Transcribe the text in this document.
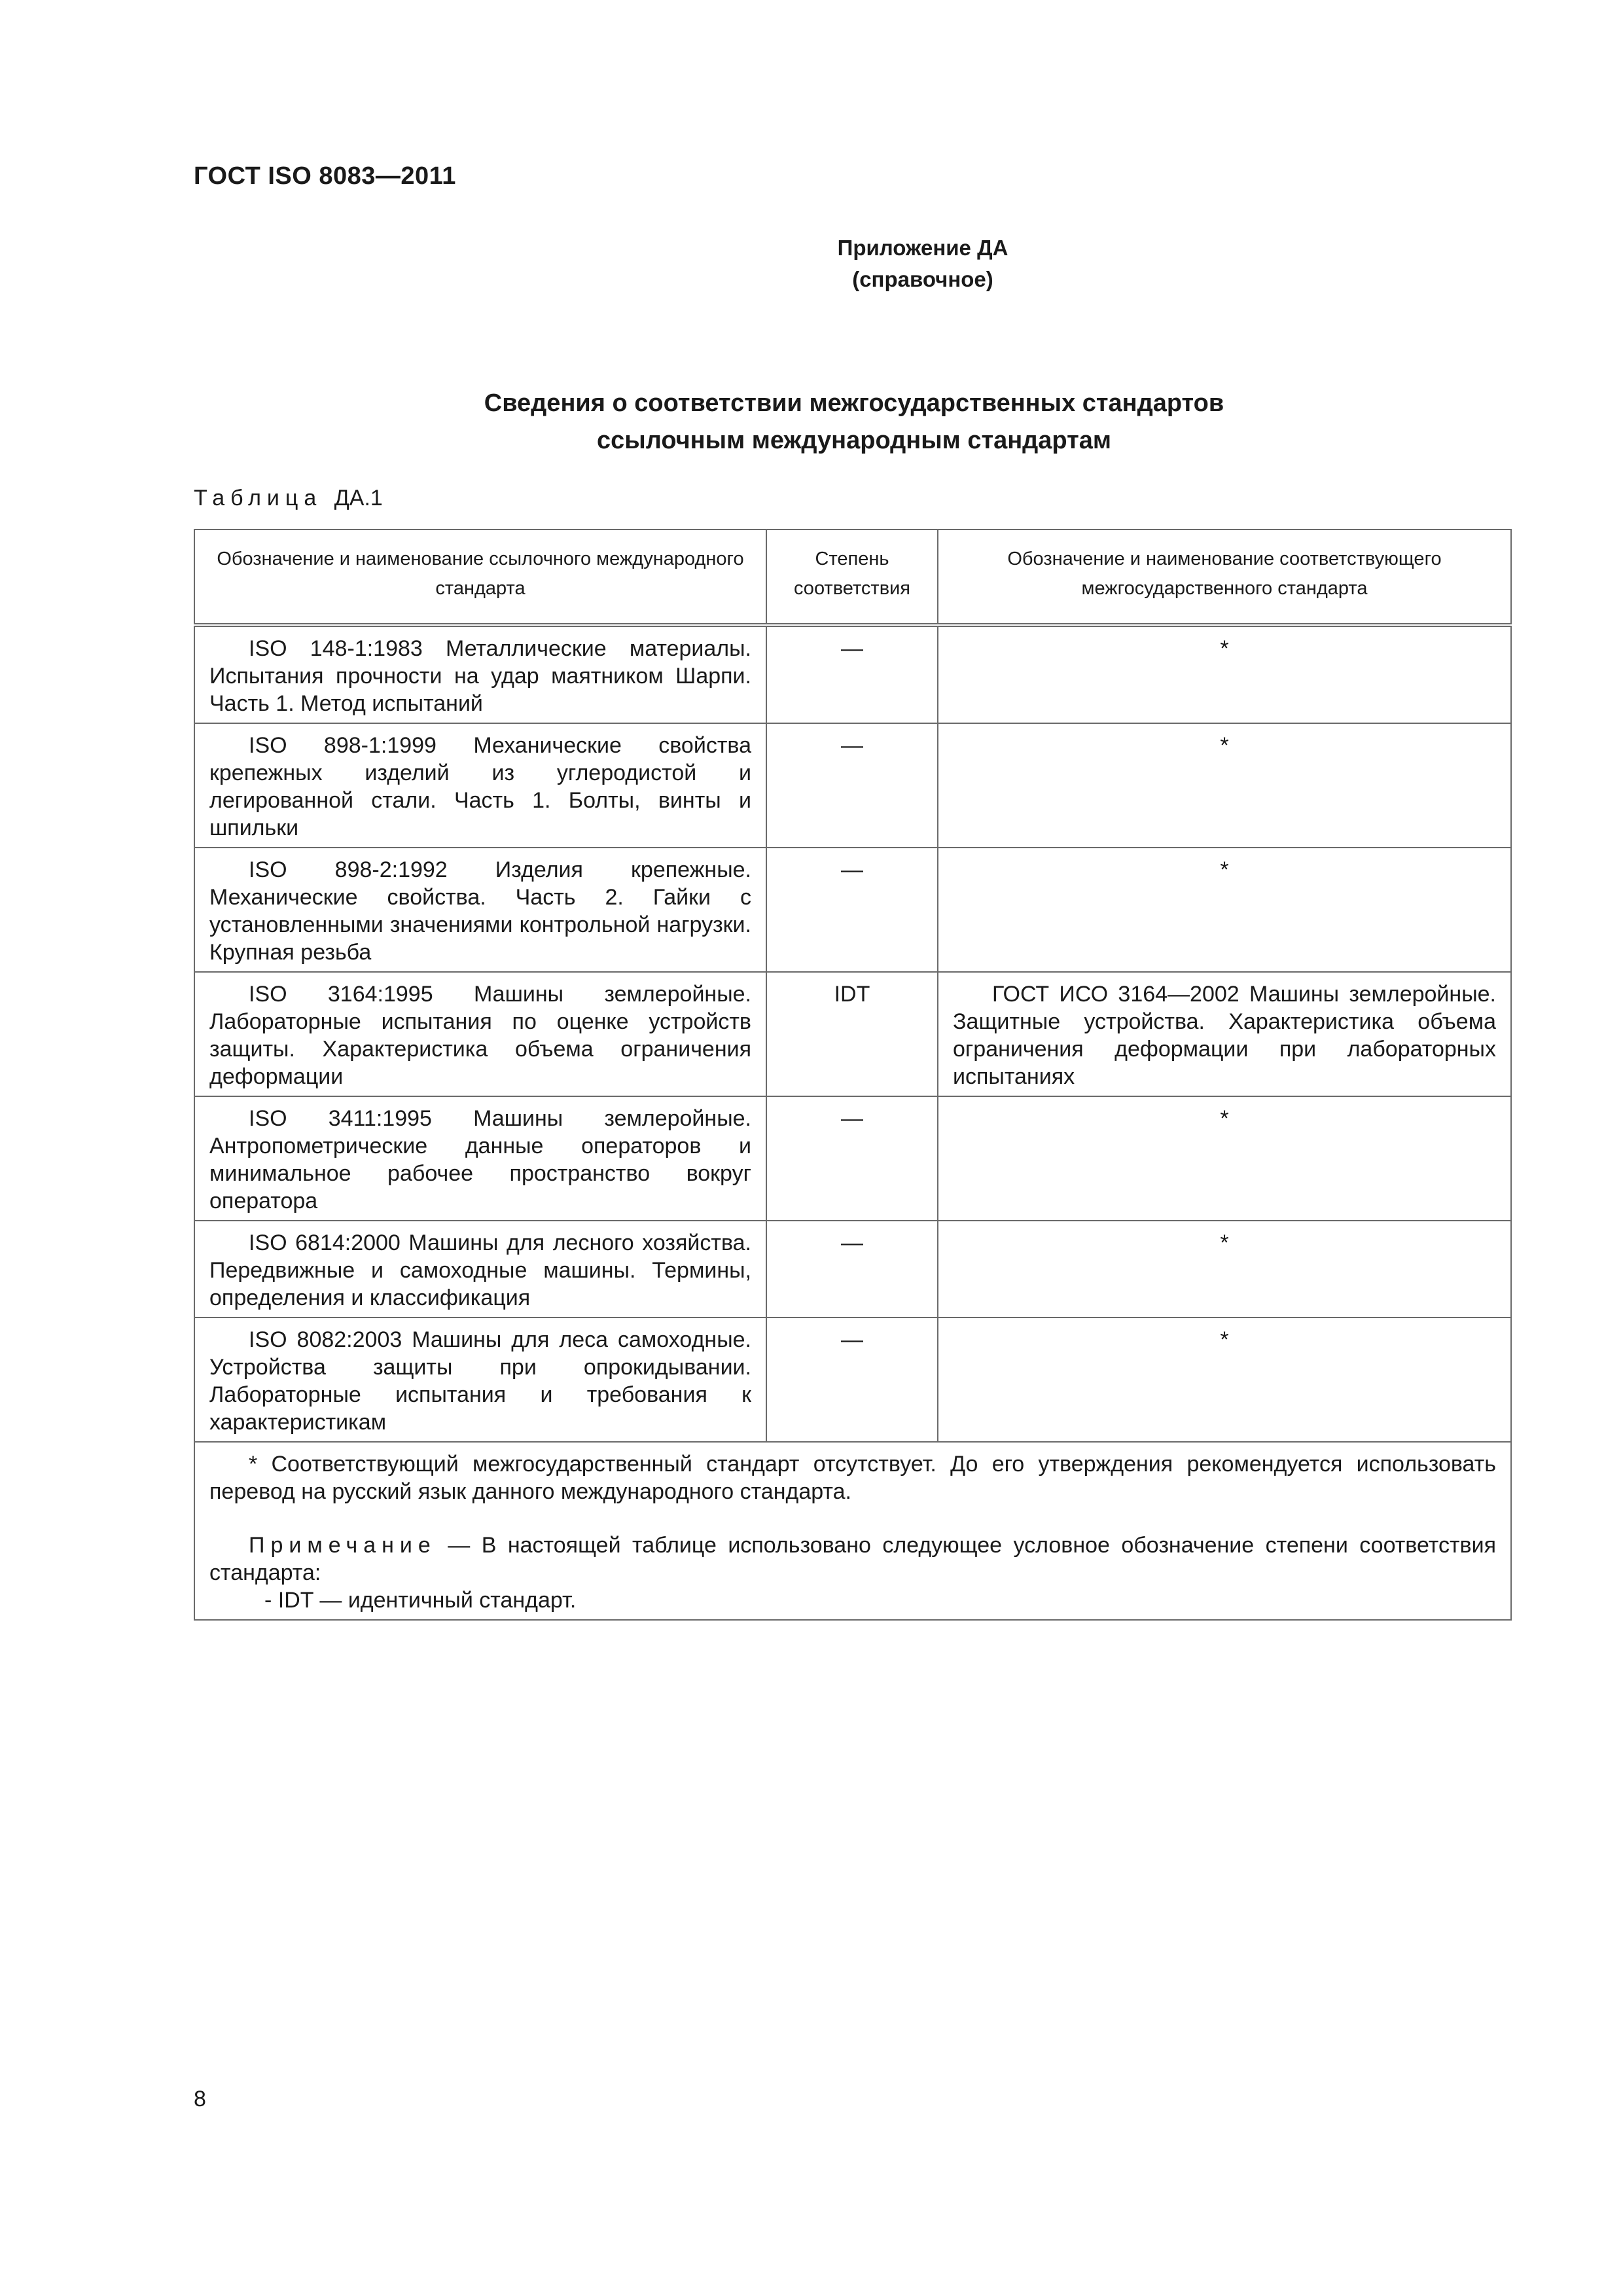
ГОСТ ISO 8083—2011
Приложение ДА
(справочное)
Сведения о соответствии межгосударственных стандартов
ссылочным международным стандартам
Таблица ДА.1
Обозначение и наименование ссылочного международного стандарта	Степень соответствия	Обозначение и наименование соответствующего межгосударственного стандарта
ISO 148-1:1983 Металлические материалы. Испытания прочности на удар маятником Шарпи. Часть 1. Метод испытаний	—	*
ISO 898-1:1999 Механические свойства крепежных изделий из углеродистой и легированной стали. Часть 1. Болты, винты и шпильки	—	*
ISO 898-2:1992 Изделия крепежные. Механические свойства. Часть 2. Гайки с установленными значениями контрольной нагрузки. Крупная резьба	—	*
ISO 3164:1995 Машины землеройные. Лабораторные испытания по оценке устройств защиты. Характеристика объема ограничения деформации	IDT	ГОСТ ИСО 3164—2002 Машины землеройные. Защитные устройства. Характеристика объема ограничения деформации при лабораторных испытаниях
ISO 3411:1995 Машины землеройные. Антропометрические данные операторов и минимальное рабочее пространство вокруг оператора	—	*
ISO 6814:2000 Машины для лесного хозяйства. Передвижные и самоходные машины. Термины, определения и классификация	—	*
ISO 8082:2003 Машины для леса самоходные. Устройства защиты при опрокидывании. Лабораторные испытания и требования к характеристикам	—	*

* Соответствующий межгосударственный стандарт отсутствует. До его утверждения рекомендуется использовать перевод на русский язык данного международного стандарта.
Примечание — В настоящей таблице использовано следующее условное обозначение степени соответствия стандарта:
- IDT — идентичный стандарт.		
8
